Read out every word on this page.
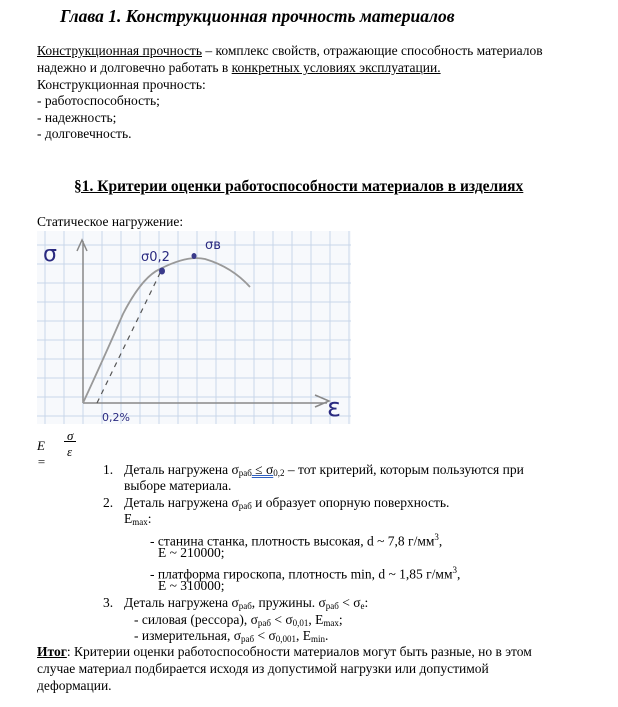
Глава 1. Конструкционная прочность материалов
Конструкционная прочность – комплекс свойств, отражающие способность материалов
надежно и долговечно работать в конкретных условиях эксплуатации.
Конструкционная прочность:
- работоспособность;
- надежность;
- долговечность.
§1. Критерии оценки работоспособности материалов в изделиях
Статическое нагружение:
σ
ε
σ0,2
σв
0,2%
E =
σ
ε
1. Деталь нагружена $\sigma_{раб} \le \sigma_{0,2}$ – тот критерий, которым пользуются при
выборе материала.
2. Деталь нагружена $\sigma_{раб}$ и образует опорную поверхность.
$E_{max}$:
- станина станка, плотность высокая, d ~ 7,8 $г/мм^3$,
E ~ 210000;
- платформа гироскопа, плотность min, d ~ 1,85 $г/мм^3$,
E ~ 310000;
3. Деталь нагружена $\sigma_{раб}$, пружины. $\sigma_{раб} < \sigma_е$:
- силовая (рессора), $\sigma_{раб} < \sigma_{0,01}$, $E_{max}$;
- измерительная, $\sigma_{раб} < \sigma_{0,001}$, $E_{min}$.
Итог: Критерии оценки работоспособности материалов могут быть разные, но в этом
случае материал подбирается исходя из допустимой нагрузки или допустимой
деформации.
